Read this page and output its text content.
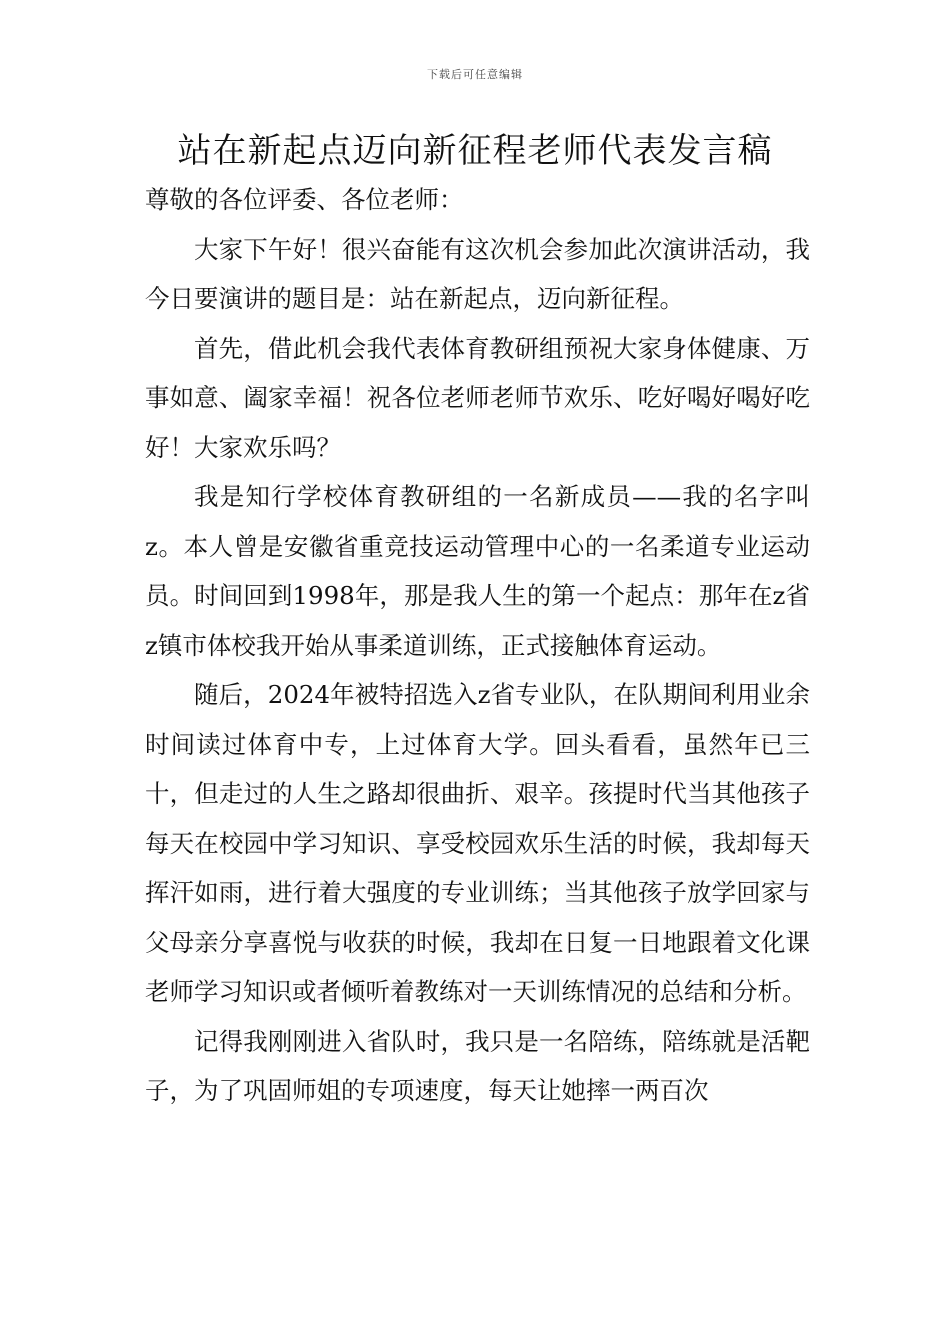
下载后可任意编辑
站在新起点迈向新征程老师代表发言稿

尊敬的各位评委、各位老师：

大家下午好！很兴奋能有这次机会参加此次演讲活动，我今日要演讲的题目是：站在新起点，迈向新征程。

首先，借此机会我代表体育教研组预祝大家身体健康、万事如意、阖家幸福！祝各位老师老师节欢乐、吃好喝好喝好吃好！大家欢乐吗？

我是知行学校体育教研组的一名新成员——我的名字叫z。本人曾是安徽省重竞技运动管理中心的一名柔道专业运动员。时间回到1998年，那是我人生的第一个起点：那年在z省z镇市体校我开始从事柔道训练，正式接触体育运动。

随后，2024年被特招选入z省专业队，在队期间利用业余时间读过体育中专，上过体育大学。回头看看，虽然年已三十，但走过的人生之路却很曲折、艰辛。孩提时代当其他孩子每天在校园中学习知识、享受校园欢乐生活的时候，我却每天挥汗如雨，进行着大强度的专业训练；当其他孩子放学回家与父母亲分享喜悦与收获的时候，我却在日复一日地跟着文化课老师学习知识或者倾听着教练对一天训练情况的总结和分析。

记得我刚刚进入省队时，我只是一名陪练，陪练就是活靶子，为了巩固师姐的专项速度，每天让她摔一两百次
